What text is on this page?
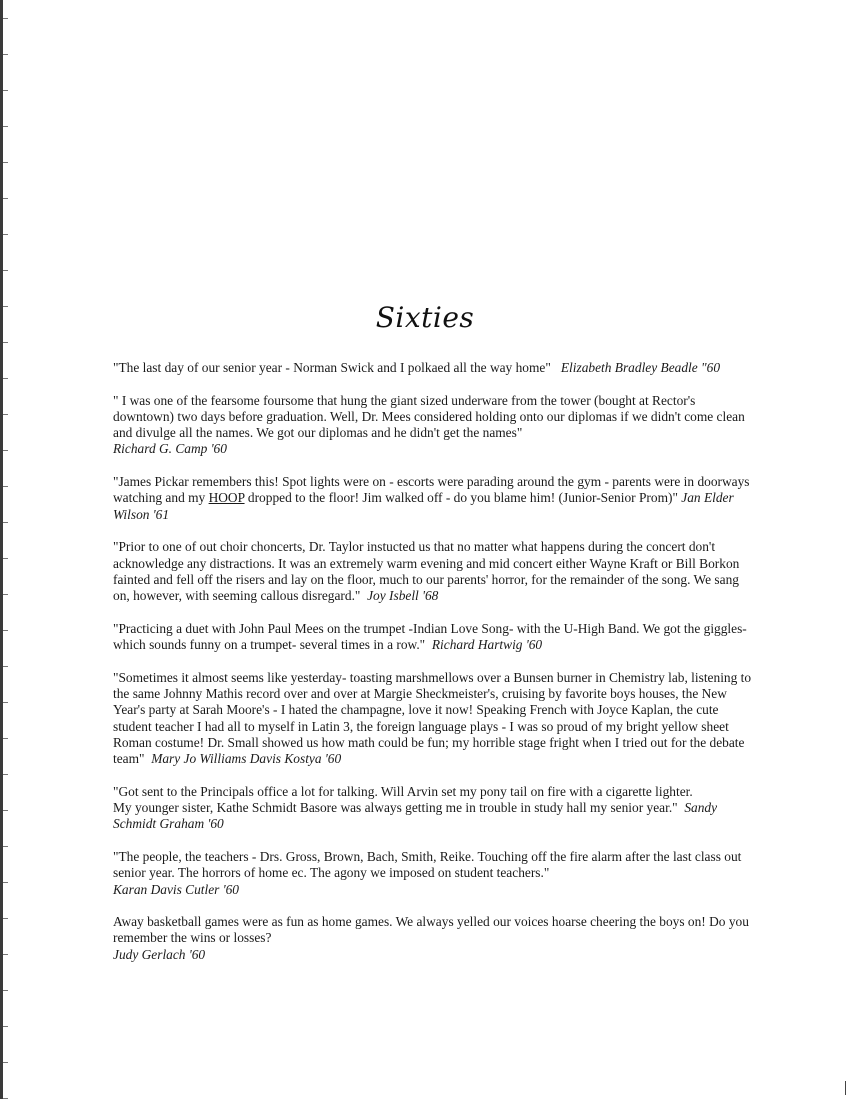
Sixties

"The last day of our senior year - Norman Swick and I polkaed all the way home" Elizabeth Bradley Beadle "60

" I was one of the fearsome foursome that hung the giant sized underware from the tower (bought at Rector's downtown) two days before graduation. Well, Dr. Mees considered holding onto our diplomas if we didn't come clean and divulge all the names. We got our diplomas and he didn't get the names"
Richard G. Camp '60

"James Pickar remembers this! Spot lights were on - escorts were parading around the gym - parents were in doorways watching and my HOOP dropped to the floor! Jim walked off - do you blame him! (Junior-Senior Prom)" Jan Elder Wilson '61

"Prior to one of out choir choncerts, Dr. Taylor instucted us that no matter what happens during the concert don't acknowledge any distractions. It was an extremely warm evening and mid concert either Wayne Kraft or Bill Borkon fainted and fell off the risers and lay on the floor, much to our parents' horror, for the remainder of the song. We sang on, however, with seeming callous disregard." Joy Isbell '68

"Practicing a duet with John Paul Mees on the trumpet -Indian Love Song- with the U-High Band. We got the giggles- which sounds funny on a trumpet- several times in a row." Richard Hartwig '60

"Sometimes it almost seems like yesterday- toasting marshmellows over a Bunsen burner in Chemistry lab, listening to the same Johnny Mathis record over and over at Margie Sheckmeister's, cruising by favorite boys houses, the New Year's party at Sarah Moore's - I hated the champagne, love it now! Speaking French with Joyce Kaplan, the cute student teacher I had all to myself in Latin 3, the foreign language plays - I was so proud of my bright yellow sheet Roman costume! Dr. Small showed us how math could be fun; my horrible stage fright when I tried out for the debate team" Mary Jo Williams Davis Kostya '60

"Got sent to the Principals office a lot for talking. Will Arvin set my pony tail on fire with a cigarette lighter.
My younger sister, Kathe Schmidt Basore was always getting me in trouble in study hall my senior year." Sandy Schmidt Graham '60

"The people, the teachers - Drs. Gross, Brown, Bach, Smith, Reike. Touching off the fire alarm after the last class out senior year. The horrors of home ec. The agony we imposed on student teachers."
Karan Davis Cutler '60

Away basketball games were as fun as home games. We always yelled our voices hoarse cheering the boys on! Do you remember the wins or losses?
Judy Gerlach '60
